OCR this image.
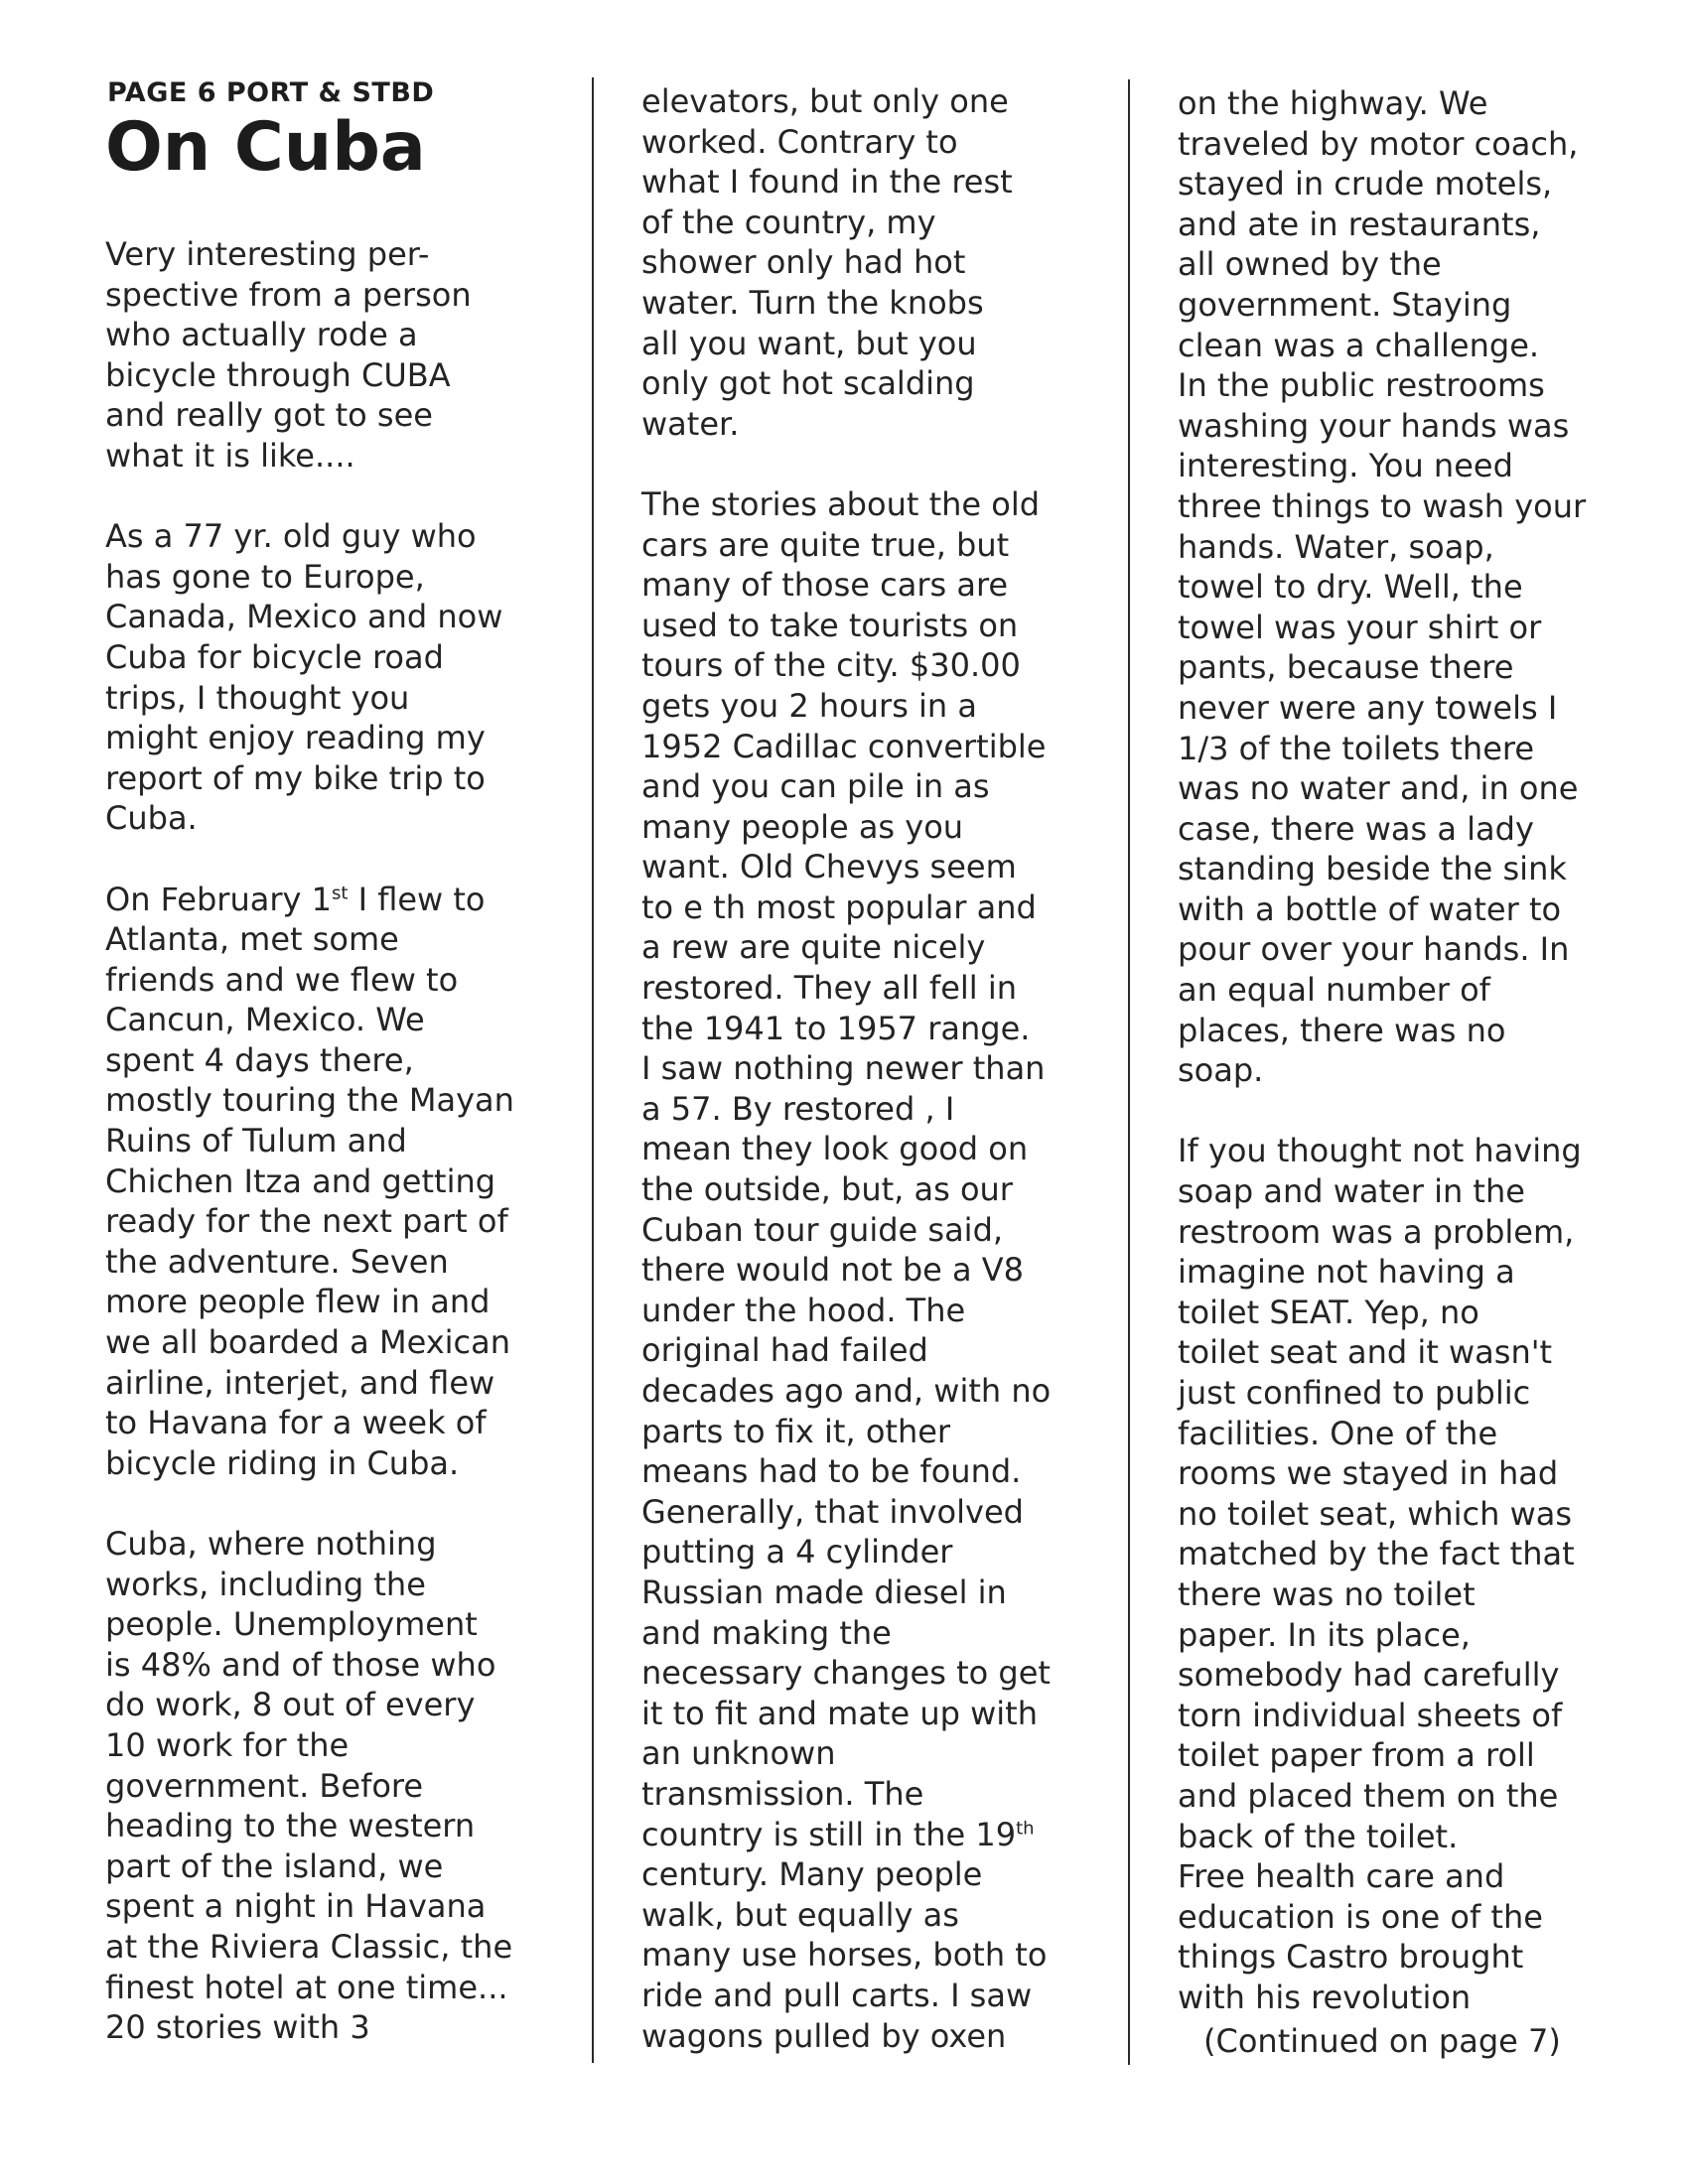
PAGE 6 PORT & STBD
On Cuba

Very interesting per-
spective from a person
who actually rode a
bicycle through CUBA
and really got to see
what it is like....

As a 77 yr. old guy who
has gone to Europe,
Canada, Mexico and now
Cuba for bicycle road
trips, I thought you
might enjoy reading my
report of my bike trip to
Cuba.

On February 1st I flew to
Atlanta, met some
friends and we flew to
Cancun, Mexico. We
spent 4 days there,
mostly touring the Mayan
Ruins of Tulum and
Chichen Itza and getting
ready for the next part of
the adventure. Seven
more people flew in and
we all boarded a Mexican
airline, interjet, and flew
to Havana for a week of
bicycle riding in Cuba.

Cuba, where nothing
works, including the
people. Unemployment
is 48% and of those who
do work, 8 out of every
10 work for the
government. Before
heading to the western
part of the island, we
spent a night in Havana
at the Riviera Classic, the
finest hotel at one time...
20 stories with 3

elevators, but only one
worked. Contrary to
what I found in the rest
of the country, my
shower only had hot
water. Turn the knobs
all you want, but you
only got hot scalding
water.

The stories about the old
cars are quite true, but
many of those cars are
used to take tourists on
tours of the city. $30.00
gets you 2 hours in a
1952 Cadillac convertible
and you can pile in as
many people as you
want. Old Chevys seem
to e th most popular and
a rew are quite nicely
restored. They all fell in
the 1941 to 1957 range.
I saw nothing newer than
a 57. By restored , I
mean they look good on
the outside, but, as our
Cuban tour guide said,
there would not be a V8
under the hood. The
original had failed
decades ago and, with no
parts to fix it, other
means had to be found.
Generally, that involved
putting a 4 cylinder
Russian made diesel in
and making the
necessary changes to get
it to fit and mate up with
an unknown
transmission. The
country is still in the 19th
century. Many people
walk, but equally as
many use horses, both to
ride and pull carts. I saw
wagons pulled by oxen

on the highway. We
traveled by motor coach,
stayed in crude motels,
and ate in restaurants,
all owned by the
government. Staying
clean was a challenge.
In the public restrooms
washing your hands was
interesting. You need
three things to wash your
hands. Water, soap,
towel to dry. Well, the
towel was your shirt or
pants, because there
never were any towels I
1/3 of the toilets there
was no water and, in one
case, there was a lady
standing beside the sink
with a bottle of water to
pour over your hands. In
an equal number of
places, there was no
soap.

If you thought not having
soap and water in the
restroom was a problem,
imagine not having a
toilet SEAT. Yep, no
toilet seat and it wasn't
just confined to public
facilities. One of the
rooms we stayed in had
no toilet seat, which was
matched by the fact that
there was no toilet
paper. In its place,
somebody had carefully
torn individual sheets of
toilet paper from a roll
and placed them on the
back of the toilet.
Free health care and
education is one of the
things Castro brought
with his revolution

(Continued on page 7)
